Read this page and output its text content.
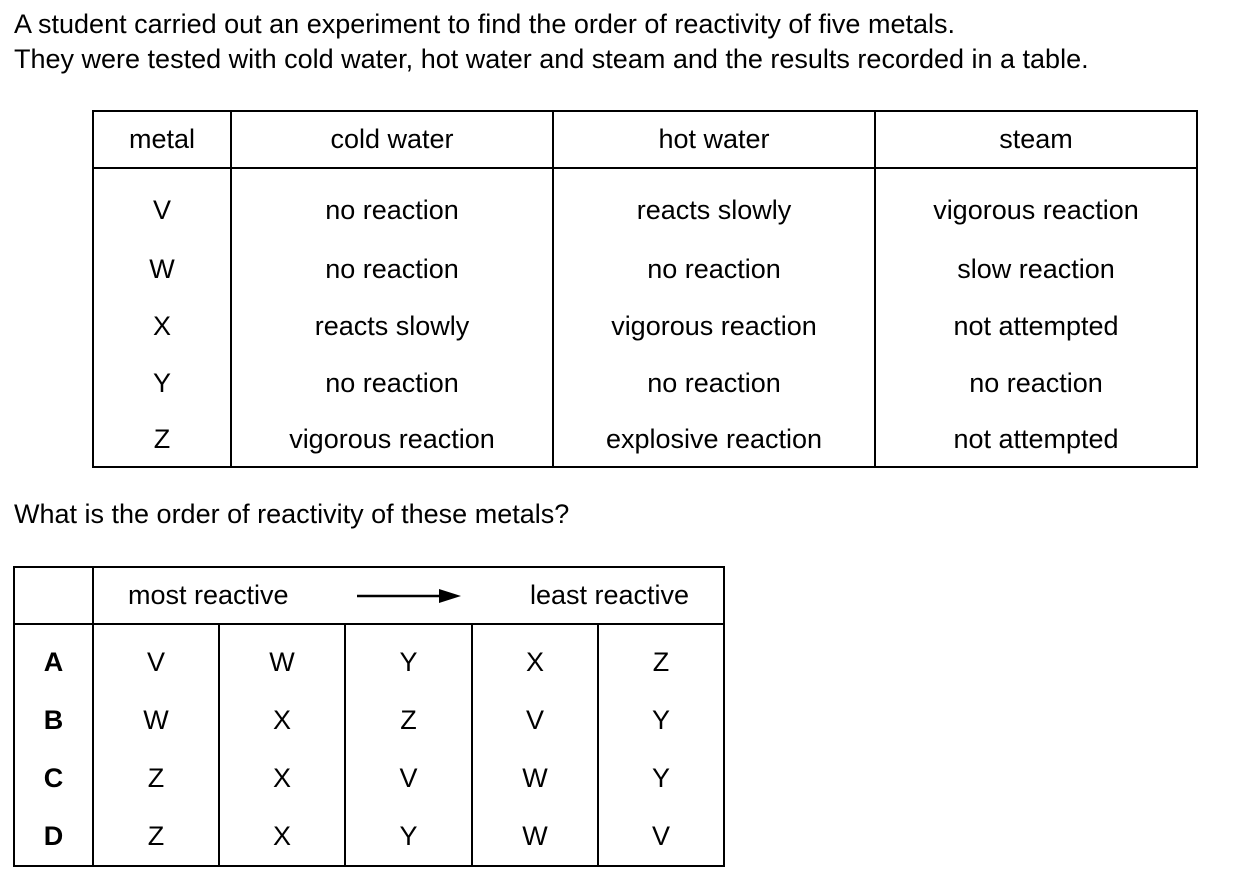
A student carried out an experiment to find the order of reactivity of five metals.

They were tested with cold water, hot water and steam and the results recorded in a table.

metal	cold water	hot water	steam
V	no reaction	reacts slowly	vigorous reaction
W	no reaction	no reaction	slow reaction
X	reacts slowly	vigorous reaction	not attempted
Y	no reaction	no reaction	no reaction
Z	vigorous reaction	explosive reaction	not attempted
What is the order of reactivity of these metals?

	most reactive least reactive				

A	V	W	Y	X	Z
B	W	X	Z	V	Y
C	Z	X	V	W	Y
D	Z	X	Y	W	V
